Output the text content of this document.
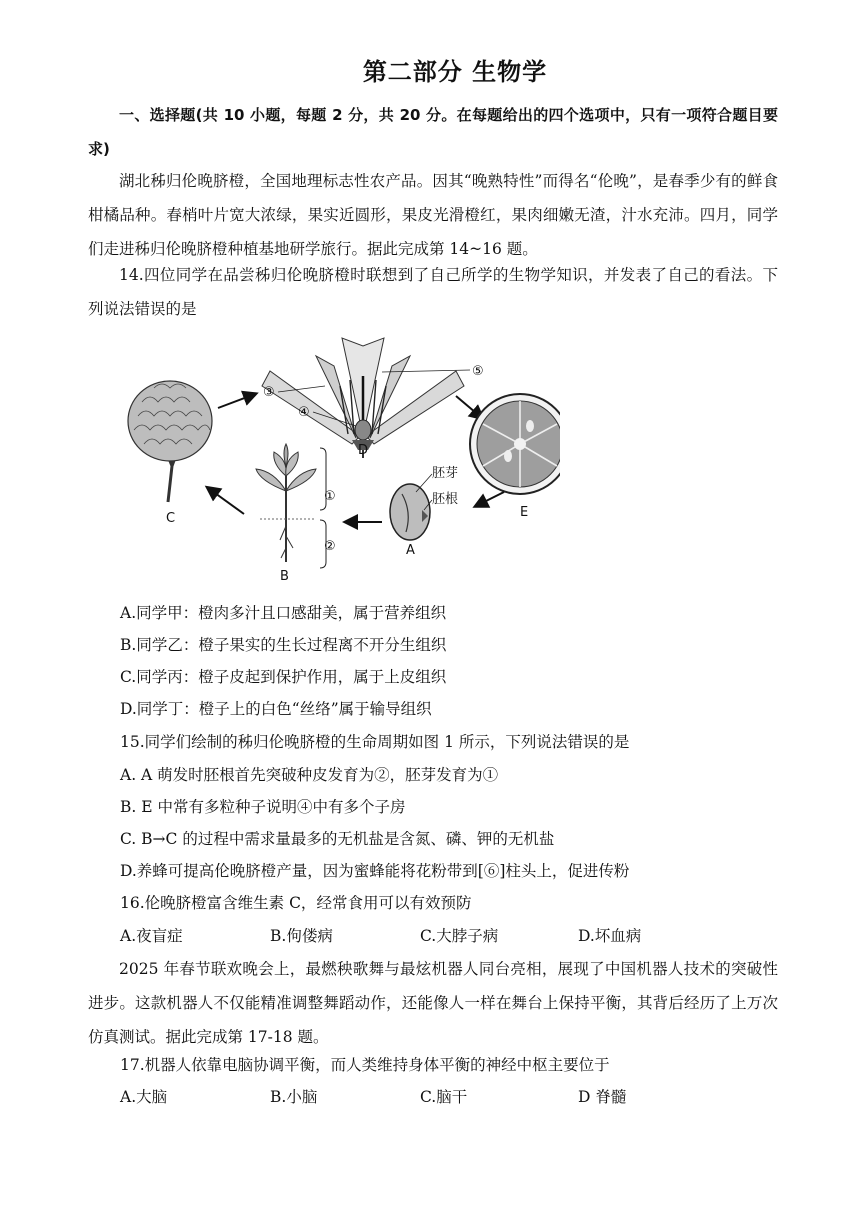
第二部分 生物学
一、选择题(共 10 小题，每题 2 分，共 20 分。在每题给出的四个选项中，只有一项符合题目要求)
湖北秭归伦晚脐橙，全国地理标志性农产品。因其“晚熟特性”而得名“伦晚”，是春季少有的鲜食柑橘品种。春梢叶片宽大浓绿，果实近圆形，果皮光滑橙红，果肉细嫩无渣，汁水充沛。四月，同学们走进秭归伦晚脐橙种植基地研学旅行。据此完成第 14~16 题。
14.四位同学在品尝秭归伦晚脐橙时联想到了自己所学的生物学知识，并发表了自己的看法。下列说法错误的是
C
D
③
④
⑤
E
A
胚芽
胚根
①
②
B
A.同学甲：橙肉多汁且口感甜美，属于营养组织
B.同学乙：橙子果实的生长过程离不开分生组织
C.同学丙：橙子皮起到保护作用，属于上皮组织
D.同学丁：橙子上的白色“丝络”属于输导组织
15.同学们绘制的秭归伦晚脐橙的生命周期如图 1 所示，下列说法错误的是
A. A 萌发时胚根首先突破种皮发育为②，胚芽发育为①
B. E 中常有多粒种子说明④中有多个子房
C. B→C 的过程中需求量最多的无机盐是含氮、磷、钾的无机盐
D.养蜂可提高伦晚脐橙产量，因为蜜蜂能将花粉带到[⑥]柱头上，促进传粉
16.伦晚脐橙富含维生素 C，经常食用可以有效预防
A.夜盲症	B.佝偻病	C.大脖子病	D.坏血病
2025 年春节联欢晚会上，最燃秧歌舞与最炫机器人同台亮相，展现了中国机器人技术的突破性进步。这款机器人不仅能精准调整舞蹈动作，还能像人一样在舞台上保持平衡，其背后经历了上万次仿真测试。据此完成第 17-18 题。
17.机器人依靠电脑协调平衡，而人类维持身体平衡的神经中枢主要位于
A.大脑	B.小脑	C.脑干	D 脊髓
